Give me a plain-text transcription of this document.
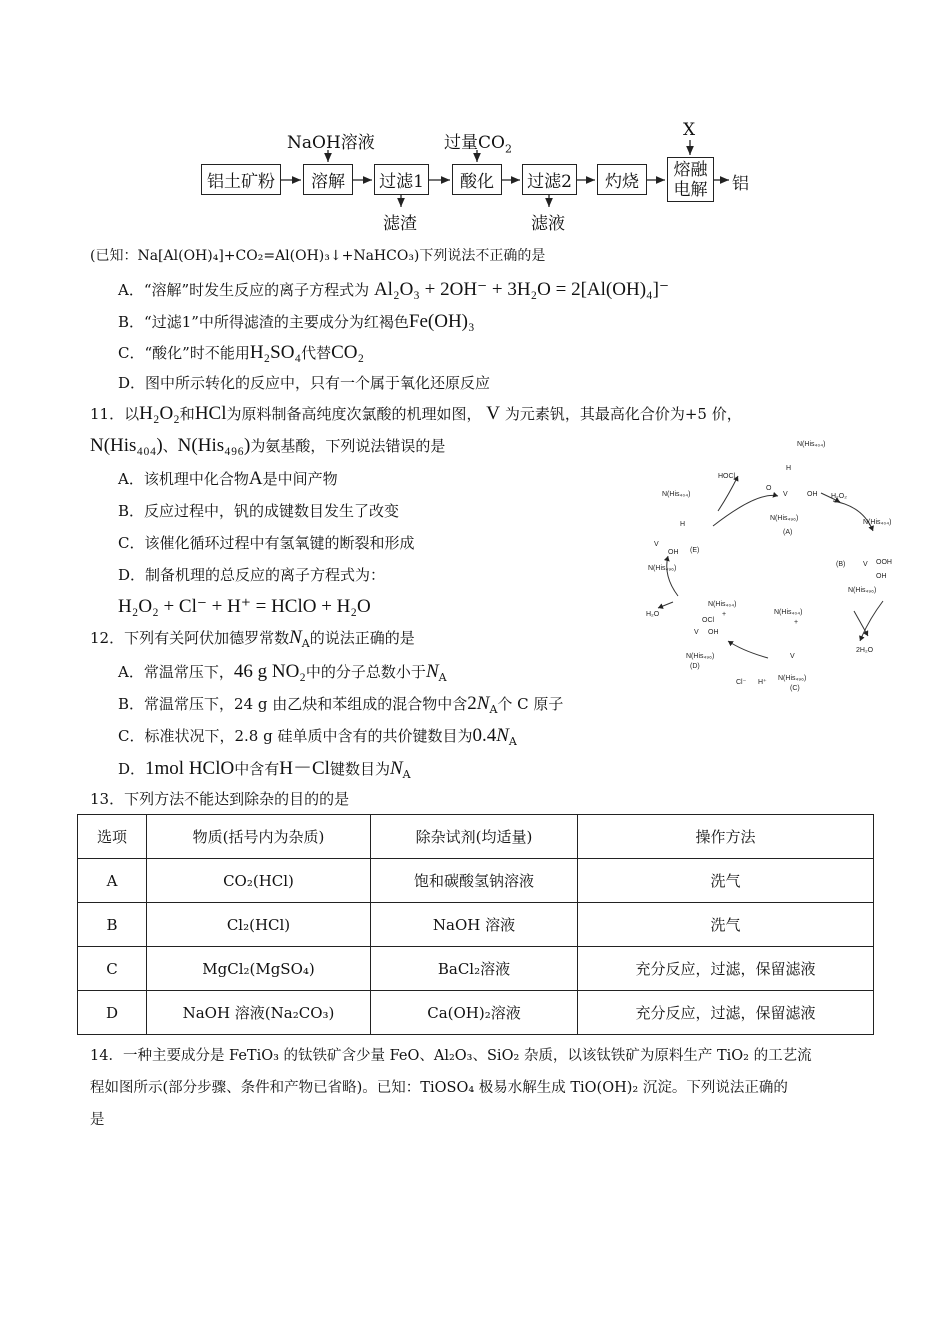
铝土矿粉	溶解	过滤1	酸化	过滤2	灼烧
熔融电解
NaOH溶液	过量$CO_2$
X
滤渣	滤液
铝
(已知：Na[Al(OH)₄]+CO₂=Al(OH)₃↓+NaHCO₃)下列说法不正确的是
A．“溶解”时发生反应的离子方程式为 Al₂O₃ + 2OH⁻ + 3H₂O = 2[Al(OH)₄]⁻
B．“过滤1”中所得滤渣的主要成分为红褐色Fe(OH)₃
C．“酸化”时不能用H₂SO₄代替CO₂
D．图中所示转化的反应中，只有一个属于氧化还原反应
11．以H₂O₂和HCl为原料制备高纯度次氯酸的机理如图， V 为元素钒，其最高化合价为+5 价，
N(His₄₀₄)、N(His₄₉₆)为氨基酸，下列说法错误的是
A．该机理中化合物A是中间产物
B．反应过程中，钒的成键数目发生了改变
C．该催化循环过程中有氢氧键的断裂和形成
D．制备机理的总反应的离子方程式为：
H₂O₂ + Cl⁻ + H⁺ = HClO + H₂O
N(His₄₀₄)
H
O
V	OH
N(His₄₉₆)
(A)
HOCl
H₂O₂
N(His₄₀₄)
(B)	V OOH
OH
N(His₄₉₆)
2H₂O
N(His₄₀₄)
+
V
N(His₄₉₆)
(C)
Cl⁻ H⁺
N(His₄₀₄)
+
OCl
V OH
N(His₄₉₆)
(D)
H₂O
N(His₄₀₄)
H
V
OH (E)
N(His₄₉₆)
12．下列有关阿伏加德罗常数$N_A$的说法正确的是
A．常温常压下，46 g NO₂中的分子总数小于$N_A$
B．常温常压下，24 g 由乙炔和苯组成的混合物中含$2N_A$个 C 原子
C．标准状况下，2.8 g 硅单质中含有的共价键数目为$0.4N_A$
D．1mol HClO中含有H－Cl键数目为$N_A$
13．下列方法不能达到除杂的目的的是
选项	物质(括号内为杂质)	除杂试剂(均适量)	操作方法
A	CO₂(HCl)	饱和碳酸氢钠溶液	洗气
B	Cl₂(HCl)	NaOH 溶液	洗气
C	MgCl₂(MgSO₄)	BaCl₂溶液	充分反应，过滤，保留滤液
D	NaOH 溶液(Na₂CO₃)	Ca(OH)₂溶液	充分反应，过滤，保留滤液
14．一种主要成分是 FeTiO₃ 的钛铁矿含少量 FeO、Al₂O₃、SiO₂ 杂质，以该钛铁矿为原料生产 TiO₂ 的工艺流
程如图所示(部分步骤、条件和产物已省略)。已知：TiOSO₄ 极易水解生成 TiO(OH)₂ 沉淀。下列说法正确的
是
